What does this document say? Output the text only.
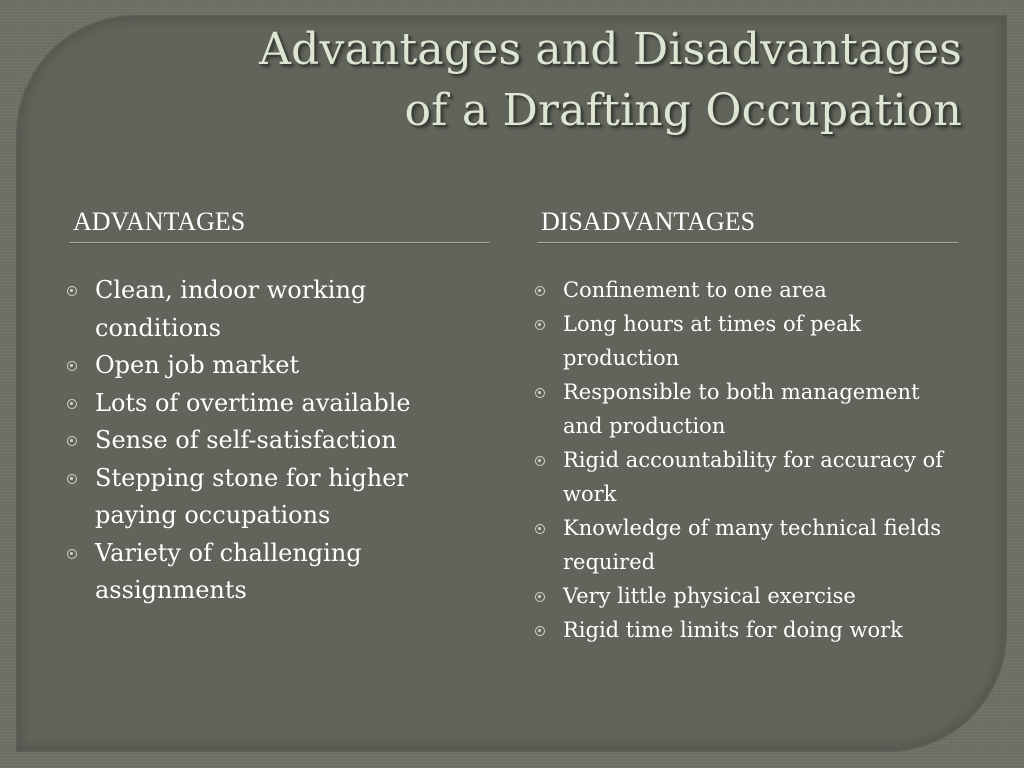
Advantages and Disadvantages
of a Drafting Occupation
ADVANTAGES	DISADVANTAGES
Clean, indoor working conditions
Open job market
Lots of overtime available
Sense of self-satisfaction
Stepping stone for higher paying occupations
Variety of challenging assignments
Confinement to one area
Long hours at times of peak production
Responsible to both management and production
Rigid accountability for accuracy of work
Knowledge of many technical fields required
Very little physical exercise
Rigid time limits for doing work
